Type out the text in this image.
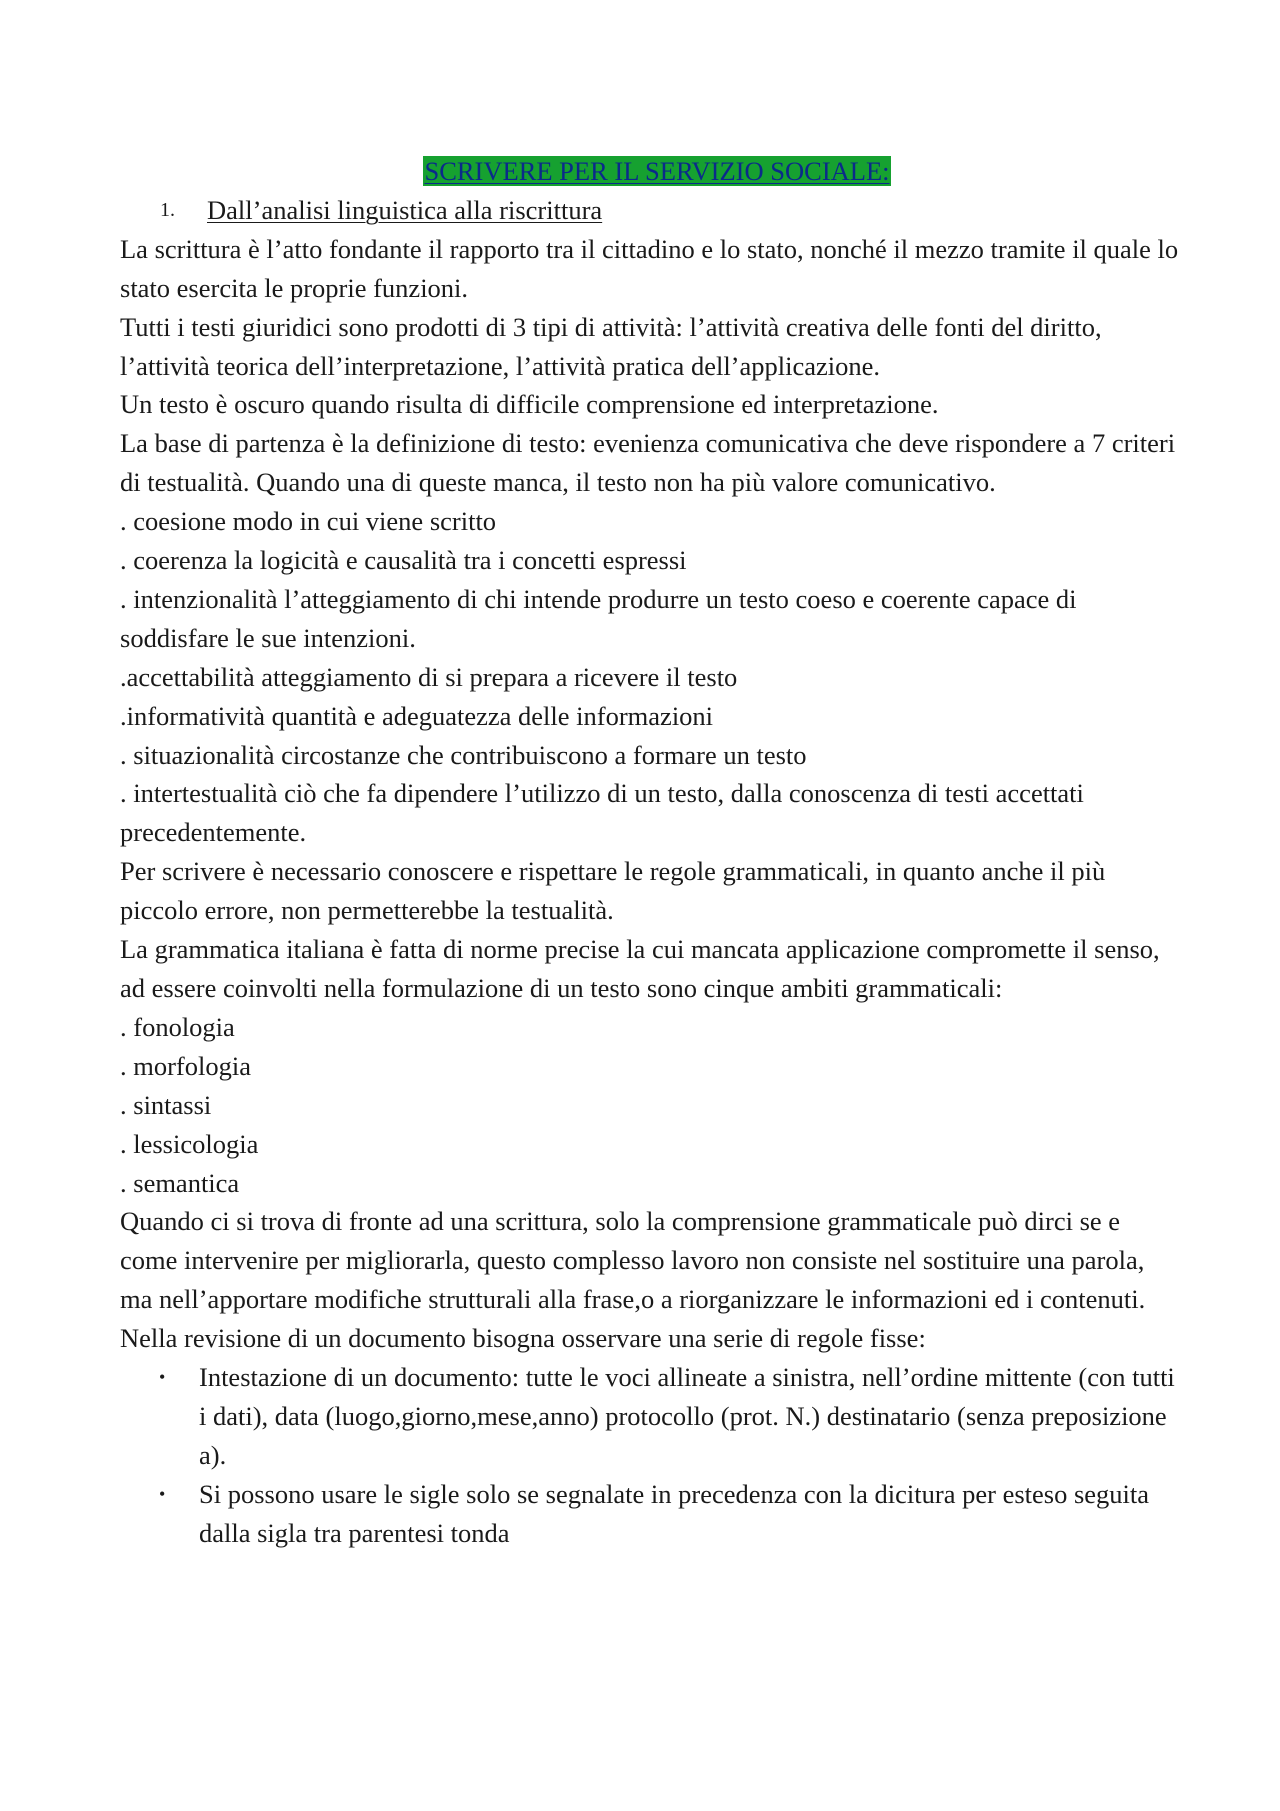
SCRIVERE PER IL SERVIZIO SOCIALE:
1. Dall’analisi linguistica alla riscrittura

La scrittura è l’atto fondante il rapporto tra il cittadino e lo stato, nonché il mezzo tramite il quale lo stato esercita le proprie funzioni.

Tutti i testi giuridici sono prodotti di 3 tipi di attività: l’attività creativa delle fonti del diritto, l’attività teorica dell’interpretazione, l’attività pratica dell’applicazione.

Un testo è oscuro quando risulta di difficile comprensione ed interpretazione.

La base di partenza è la definizione di testo: evenienza comunicativa che deve rispondere a 7 criteri di testualità. Quando una di queste manca, il testo non ha più valore comunicativo.

. coesione modo in cui viene scritto

. coerenza la logicità e causalità tra i concetti espressi

. intenzionalità l’atteggiamento di chi intende produrre un testo coeso e coerente capace di soddisfare le sue intenzioni.

.accettabilità atteggiamento di si prepara a ricevere il testo

.informatività quantità e adeguatezza delle informazioni

. situazionalità circostanze che contribuiscono a formare un testo

. intertestualità ciò che fa dipendere l’utilizzo di un testo, dalla conoscenza di testi accettati precedentemente.

Per scrivere è necessario conoscere e rispettare le regole grammaticali, in quanto anche il più piccolo errore, non permetterebbe la testualità.

La grammatica italiana è fatta di norme precise la cui mancata applicazione compromette il senso, ad essere coinvolti nella formulazione di un testo sono cinque ambiti grammaticali:

. fonologia

. morfologia

. sintassi

. lessicologia

. semantica

Quando ci si trova di fronte ad una scrittura, solo la comprensione grammaticale può dirci se e come intervenire per migliorarla, questo complesso lavoro non consiste nel sostituire una parola, ma nell’apportare modifiche strutturali alla frase,o a riorganizzare le informazioni ed i contenuti.

Nella revisione di un documento bisogna osservare una serie di regole fisse:

• Intestazione di un documento: tutte le voci allineate a sinistra, nell’ordine mittente (con tutti i dati), data (luogo,giorno,mese,anno) protocollo (prot. N.) destinatario (senza preposizione a).
• Si possono usare le sigle solo se segnalate in precedenza con la dicitura per esteso seguita dalla sigla tra parentesi tonda
